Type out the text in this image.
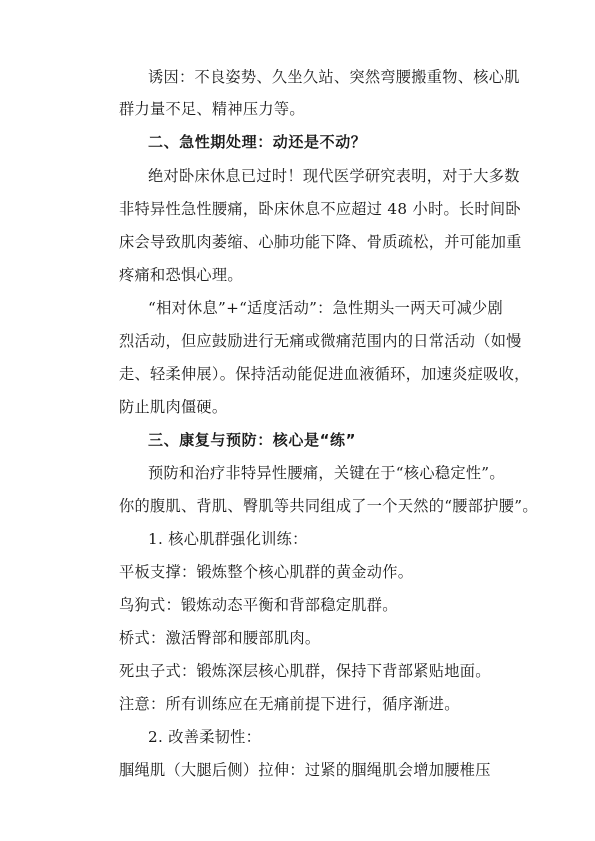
诱因：不良姿势、久坐久站、突然弯腰搬重物、核心肌
群力量不足、精神压力等。
二、急性期处理：动还是不动？
绝对卧床休息已过时！现代医学研究表明，对于大多数
非特异性急性腰痛，卧床休息不应超过 48 小时。长时间卧
床会导致肌肉萎缩、心肺功能下降、骨质疏松，并可能加重
疼痛和恐惧心理。
“相对休息”+“适度活动”：急性期头一两天可减少剧
烈活动，但应鼓励进行无痛或微痛范围内的日常活动（如慢
走、轻柔伸展）。保持活动能促进血液循环，加速炎症吸收，
防止肌肉僵硬。
三、康复与预防：核心是“练”
预防和治疗非特异性腰痛，关键在于“核心稳定性”。
你的腹肌、背肌、臀肌等共同组成了一个天然的“腰部护腰”。
1. 核心肌群强化训练：
平板支撑：锻炼整个核心肌群的黄金动作。
鸟狗式：锻炼动态平衡和背部稳定肌群。
桥式：激活臀部和腰部肌肉。
死虫子式：锻炼深层核心肌群，保持下背部紧贴地面。
注意：所有训练应在无痛前提下进行，循序渐进。
2. 改善柔韧性：
腘绳肌（大腿后侧）拉伸：过紧的腘绳肌会增加腰椎压
